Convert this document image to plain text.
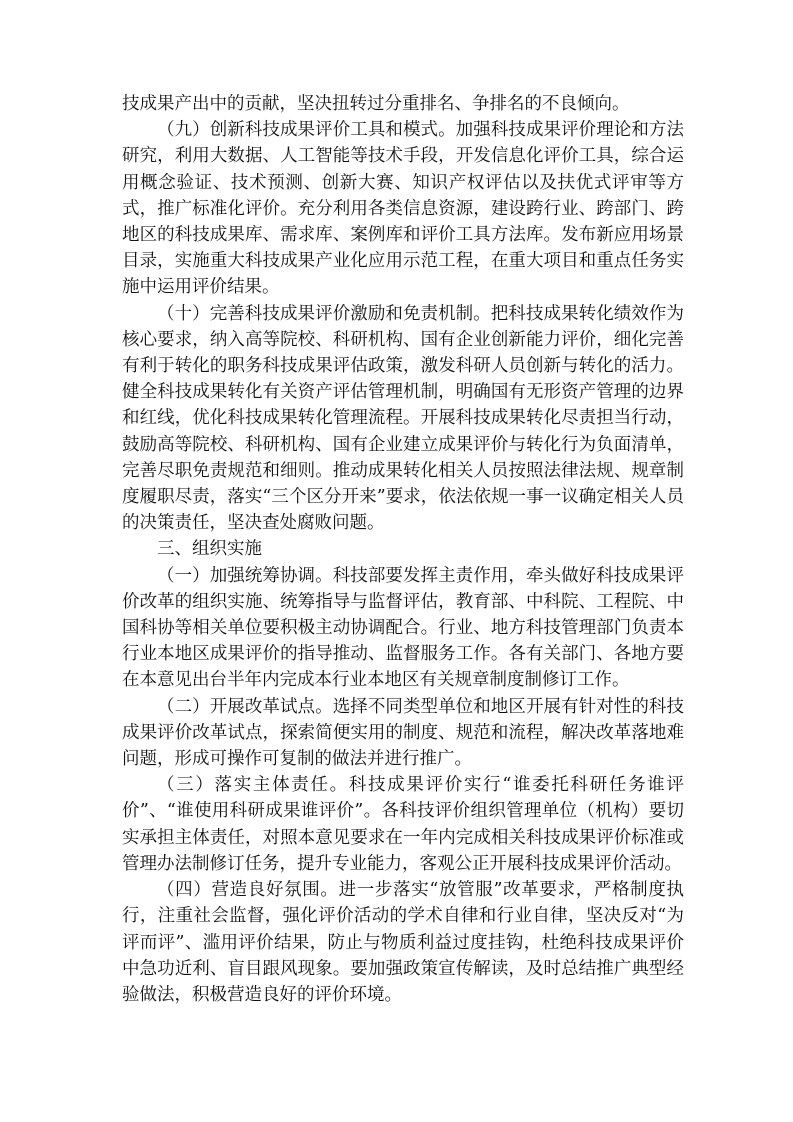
技成果产出中的贡献，坚决扭转过分重排名、争排名的不良倾向。

（九）创新科技成果评价工具和模式。加强科技成果评价理论和方法研究，利用大数据、人工智能等技术手段，开发信息化评价工具，综合运用概念验证、技术预测、创新大赛、知识产权评估以及扶优式评审等方式，推广标准化评价。充分利用各类信息资源，建设跨行业、跨部门、跨地区的科技成果库、需求库、案例库和评价工具方法库。发布新应用场景目录，实施重大科技成果产业化应用示范工程，在重大项目和重点任务实施中运用评价结果。

（十）完善科技成果评价激励和免责机制。把科技成果转化绩效作为核心要求，纳入高等院校、科研机构、国有企业创新能力评价，细化完善有利于转化的职务科技成果评估政策，激发科研人员创新与转化的活力。健全科技成果转化有关资产评估管理机制，明确国有无形资产管理的边界和红线，优化科技成果转化管理流程。开展科技成果转化尽责担当行动，鼓励高等院校、科研机构、国有企业建立成果评价与转化行为负面清单，完善尽职免责规范和细则。推动成果转化相关人员按照法律法规、规章制度履职尽责，落实“三个区分开来”要求，依法依规一事一议确定相关人员的决策责任，坚决查处腐败问题。

三、组织实施

（一）加强统筹协调。科技部要发挥主责作用，牵头做好科技成果评价改革的组织实施、统筹指导与监督评估，教育部、中科院、工程院、中国科协等相关单位要积极主动协调配合。行业、地方科技管理部门负责本行业本地区成果评价的指导推动、监督服务工作。各有关部门、各地方要在本意见出台半年内完成本行业本地区有关规章制度制修订工作。

（二）开展改革试点。选择不同类型单位和地区开展有针对性的科技成果评价改革试点，探索简便实用的制度、规范和流程，解决改革落地难问题，形成可操作可复制的做法并进行推广。

（三）落实主体责任。科技成果评价实行“谁委托科研任务谁评价”、“谁使用科研成果谁评价”。各科技评价组织管理单位（机构）要切实承担主体责任，对照本意见要求在一年内完成相关科技成果评价标准或管理办法制修订任务，提升专业能力，客观公正开展科技成果评价活动。

（四）营造良好氛围。进一步落实“放管服”改革要求，严格制度执行，注重社会监督，强化评价活动的学术自律和行业自律，坚决反对“为评而评”、滥用评价结果，防止与物质利益过度挂钩，杜绝科技成果评价中急功近利、盲目跟风现象。要加强政策宣传解读，及时总结推广典型经验做法，积极营造良好的评价环境。
